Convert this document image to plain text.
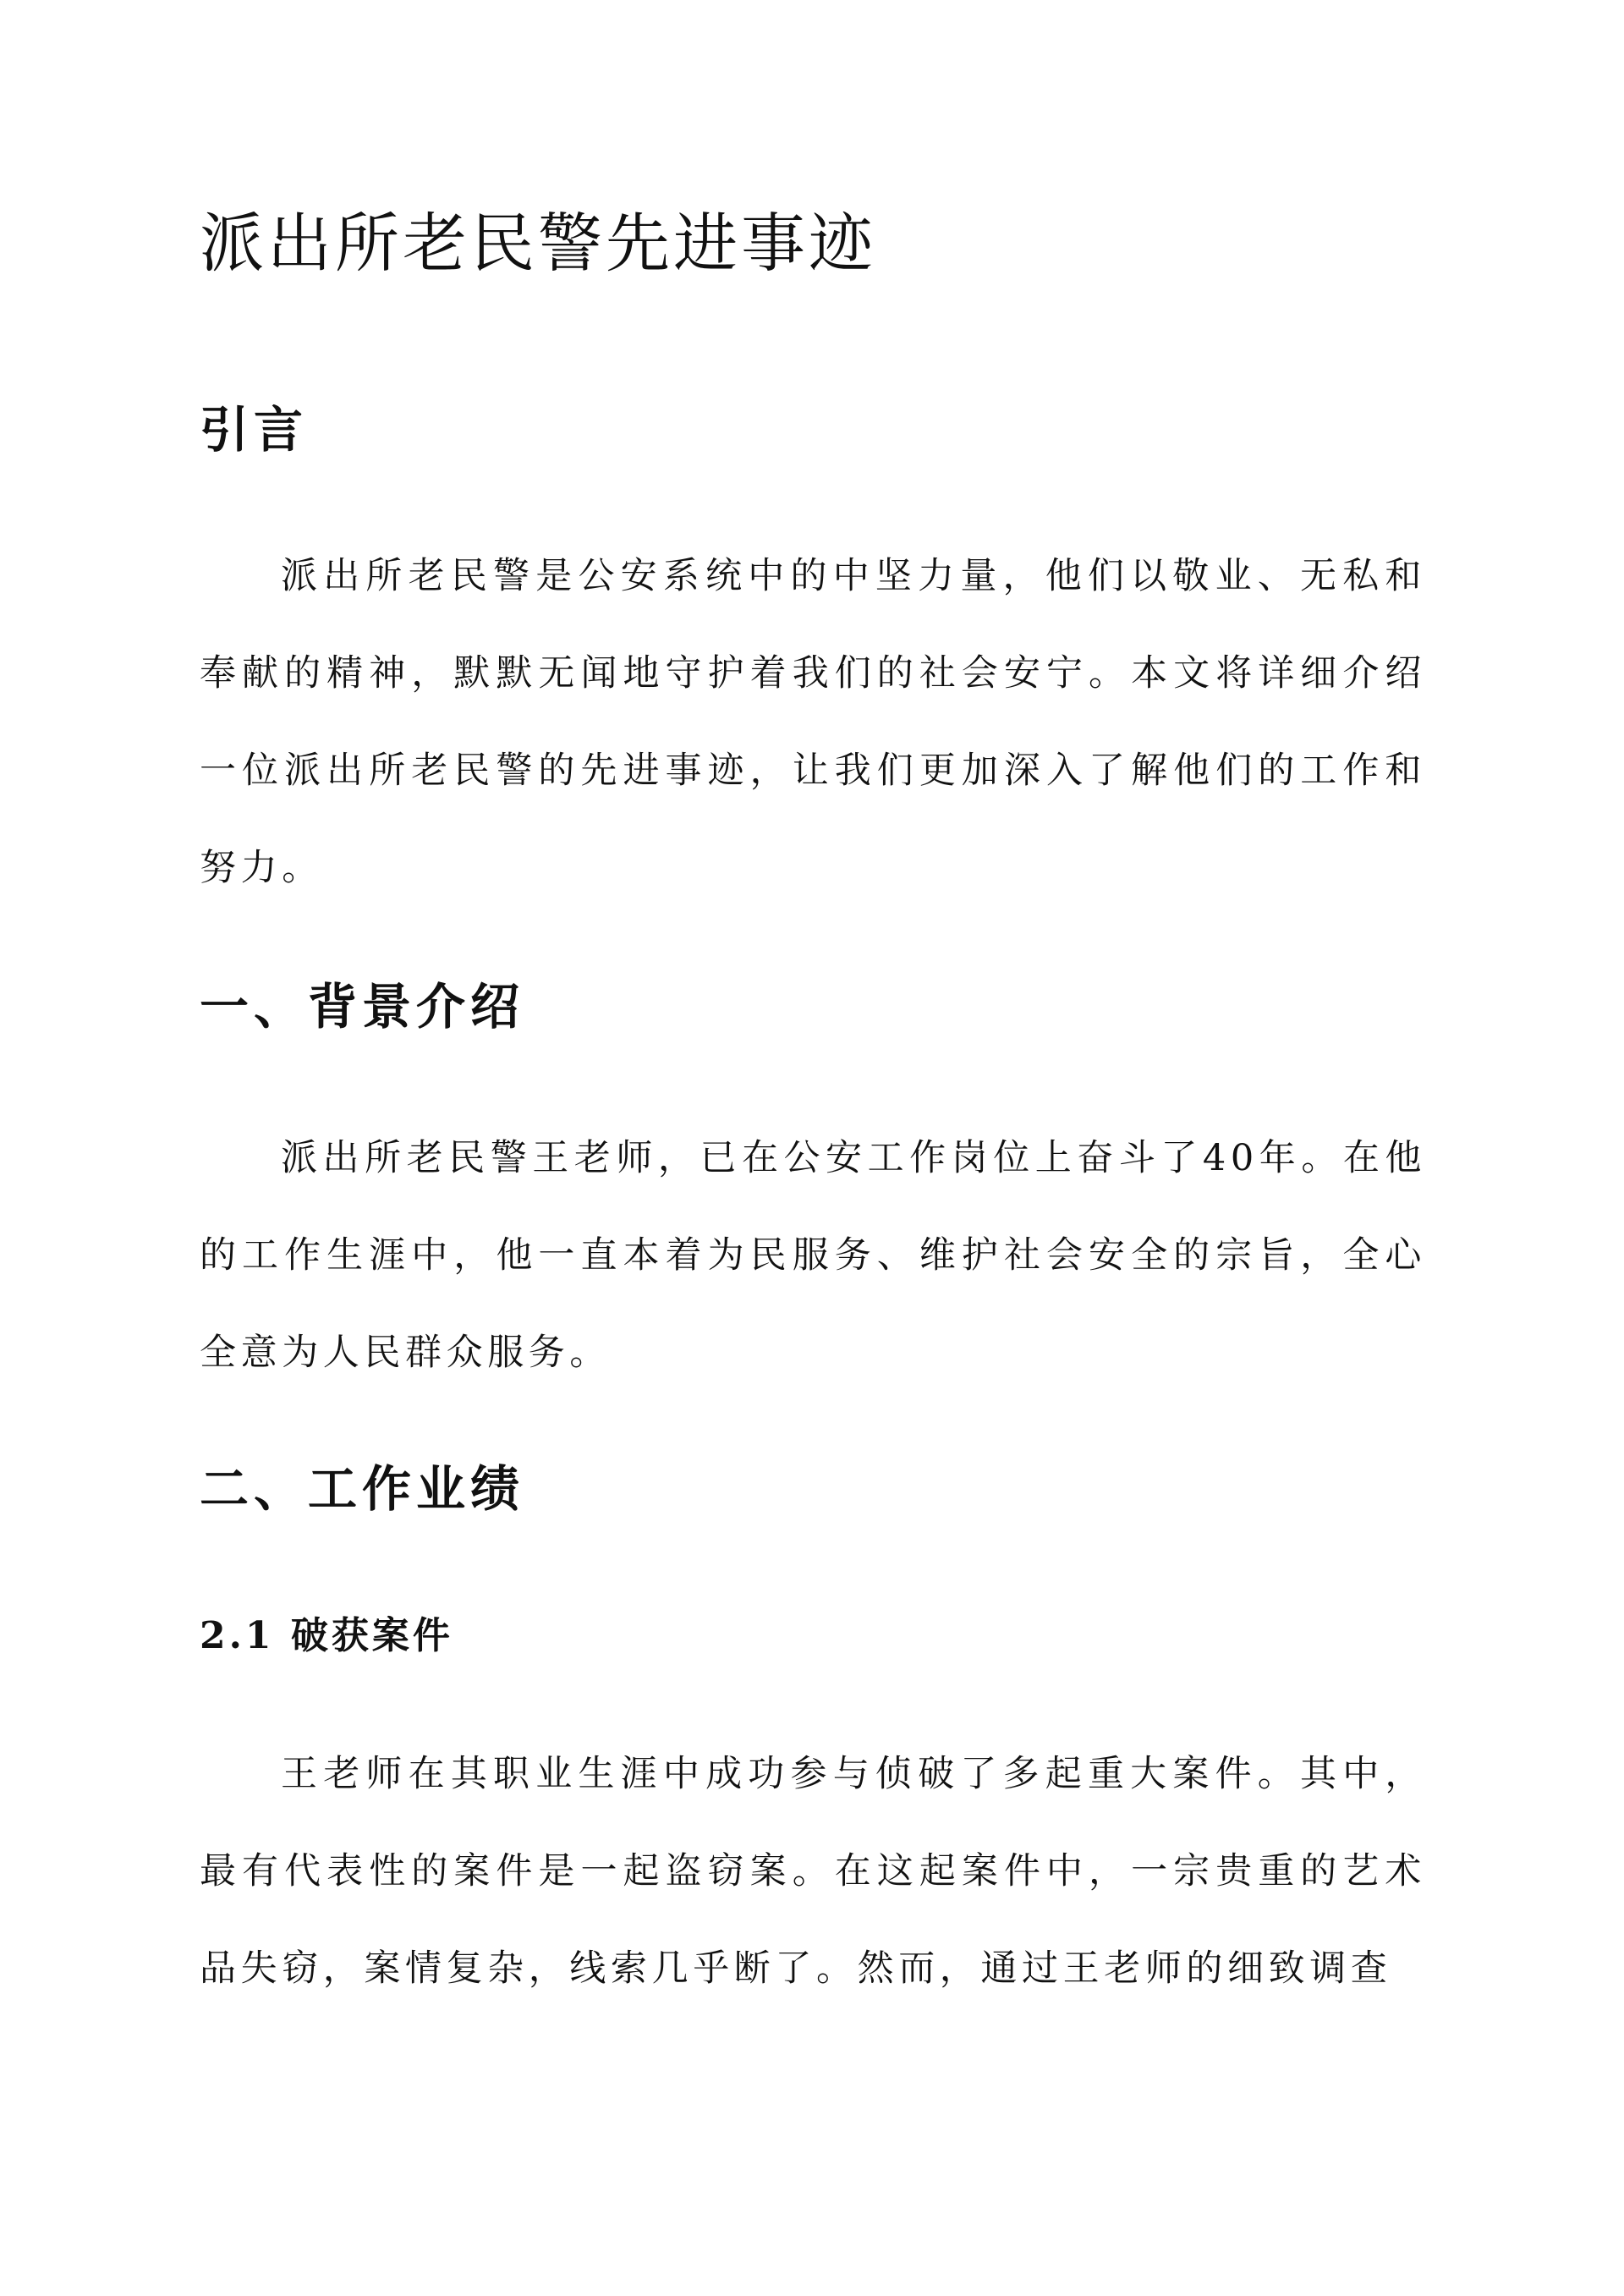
派出所老民警先进事迹
引言

派出所老民警是公安系统中的中坚力量，他们以敬业、无私和奉献的精神，默默无闻地守护着我们的社会安宁。本文将详细介绍一位派出所老民警的先进事迹，让我们更加深入了解他们的工作和努力。

一、背景介绍

派出所老民警王老师，已在公安工作岗位上奋斗了40年。在他的工作生涯中，他一直本着为民服务、维护社会安全的宗旨，全心全意为人民群众服务。

二、工作业绩
2.1 破获案件

王老师在其职业生涯中成功参与侦破了多起重大案件。其中，最有代表性的案件是一起盗窃案。在这起案件中，一宗贵重的艺术品失窃，案情复杂，线索几乎断了。然而，通过王老师的细致调查
